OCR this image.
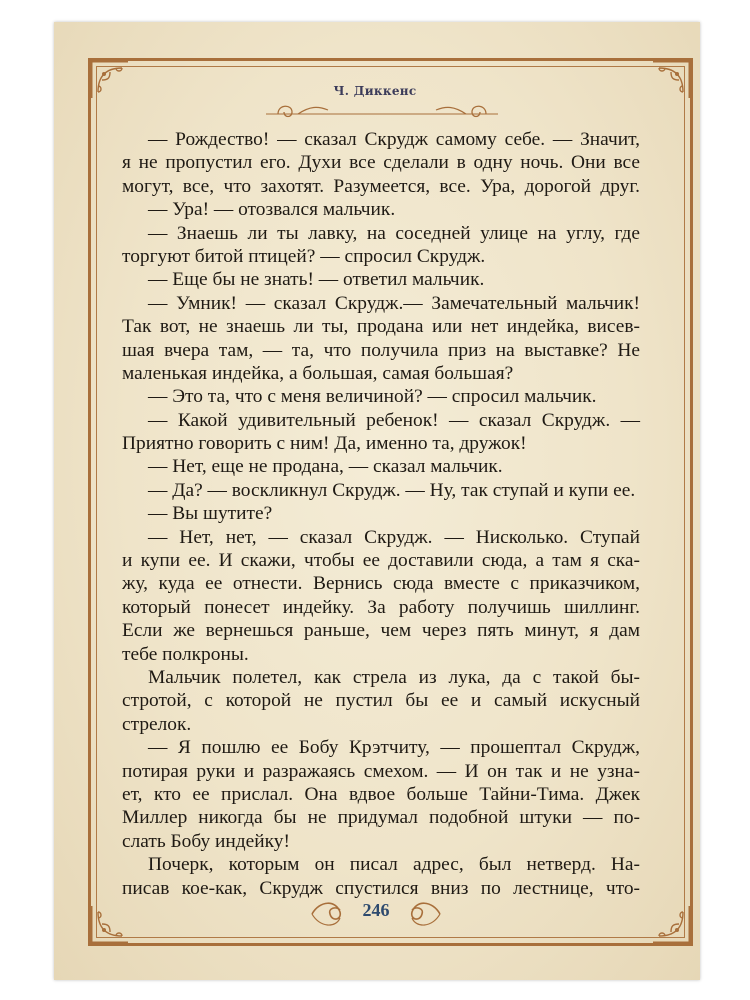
Ч. Диккенс
— Рождество! — сказал Скрудж самому себе. — Значит,
я не пропустил его. Духи все сделали в одну ночь. Они все
могут, все, что захотят. Разумеется, все. Ура, дорогой друг.
— Ура! — отозвался мальчик.
— Знаешь ли ты лавку, на соседней улице на углу, где
торгуют битой птицей? — спросил Скрудж.
— Еще бы не знать! — ответил мальчик.
— Умник! — сказал Скрудж.— Замечательный мальчик!
Так вот, не знаешь ли ты, продана или нет индейка, висев-
шая вчера там, — та, что получила приз на выставке? Не
маленькая индейка, а большая, самая большая?
— Это та, что с меня величиной? — спросил мальчик.
— Какой удивительный ребенок! — сказал Скрудж. —
Приятно говорить с ним! Да, именно та, дружок!
— Нет, еще не продана, — сказал мальчик.
— Да? — воскликнул Скрудж. — Ну, так ступай и купи ее.
— Вы шутите?
— Нет, нет, — сказал Скрудж. — Нисколько. Ступай
и купи ее. И скажи, чтобы ее доставили сюда, а там я ска-
жу, куда ее отнести. Вернись сюда вместе с приказчиком,
который понесет индейку. За работу получишь шиллинг.
Если же вернешься раньше, чем через пять минут, я дам
тебе полкроны.
Мальчик полетел, как стрела из лука, да с такой бы-
стротой, с которой не пустил бы ее и самый искусный
стрелок.
— Я пошлю ее Бобу Крэтчиту, — прошептал Скрудж,
потирая руки и разражаясь смехом. — И он так и не узна-
ет, кто ее прислал. Она вдвое больше Тайни-Тима. Джек
Миллер никогда бы не придумал подобной штуки — по-
слать Бобу индейку!
Почерк, которым он писал адрес, был нетверд. На-
писав кое-как, Скрудж спустился вниз по лестнице, что-
246
